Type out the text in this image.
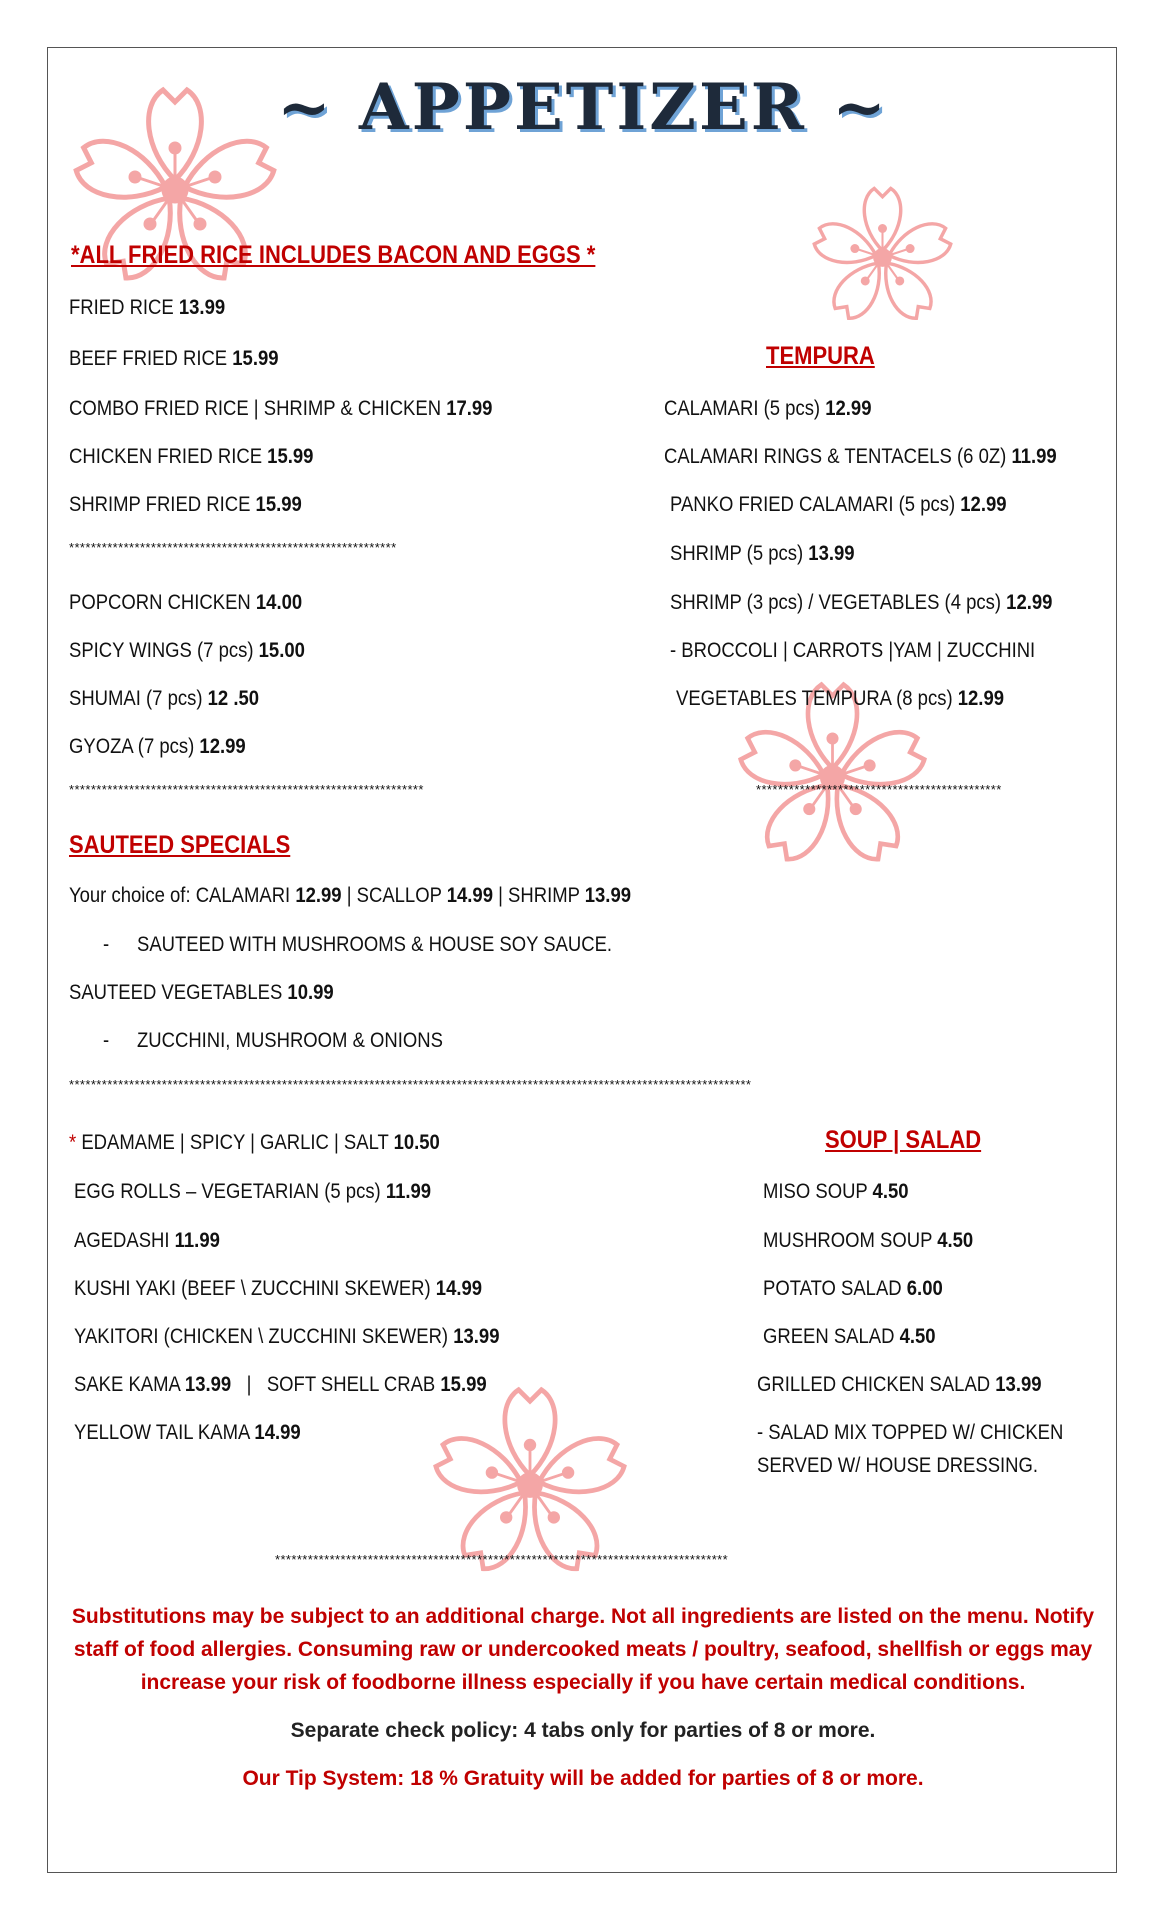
~ APPETIZER ~
*ALL FRIED RICE INCLUDES BACON AND EGGS *
FRIED RICE 13.99
BEEF FRIED RICE 15.99
COMBO FRIED RICE | SHRIMP & CHICKEN 17.99
CHICKEN FRIED RICE 15.99
SHRIMP FRIED RICE 15.99
************************************************************
POPCORN CHICKEN 14.00
SPICY WINGS (7 pcs) 15.00
SHUMAI (7 pcs) 12 .50
GYOZA (7 pcs) 12.99
*****************************************************************
TEMPURA
CALAMARI (5 pcs) 12.99
CALAMARI RINGS & TENTACELS (6 0Z) 11.99
PANKO FRIED CALAMARI (5 pcs) 12.99
SHRIMP (5 pcs) 13.99
SHRIMP (3 pcs) / VEGETABLES (4 pcs) 12.99
- BROCCOLI | CARROTS |YAM | ZUCCHINI
VEGETABLES TEMPURA (8 pcs) 12.99
*********************************************
SAUTEED SPECIALS
Your choice of: CALAMARI 12.99 | SCALLOP 14.99 | SHRIMP 13.99
- SAUTEED WITH MUSHROOMS & HOUSE SOY SAUCE.
SAUTEED VEGETABLES 10.99
- ZUCCHINI, MUSHROOM & ONIONS
*****************************************************************************************************************************
* EDAMAME | SPICY | GARLIC | SALT 10.50
EGG ROLLS – VEGETARIAN (5 pcs) 11.99
AGEDASHI 11.99
KUSHI YAKI (BEEF \ ZUCCHINI SKEWER) 14.99
YAKITORI (CHICKEN \ ZUCCHINI SKEWER) 13.99
SAKE KAMA 13.99 | SOFT SHELL CRAB 15.99
YELLOW TAIL KAMA 14.99
SOUP | SALAD
MISO SOUP 4.50
MUSHROOM SOUP 4.50
POTATO SALAD 6.00
GREEN SALAD 4.50
GRILLED CHICKEN SALAD 13.99
- SALAD MIX TOPPED W/ CHICKEN
SERVED W/ HOUSE DRESSING.
***********************************************************************************
Substitutions may be subject to an additional charge. Not all ingredients are listed on the menu. Notify
staff of food allergies. Consuming raw or undercooked meats / poultry, seafood, shellfish or eggs may
increase your risk of foodborne illness especially if you have certain medical conditions.
Separate check policy: 4 tabs only for parties of 8 or more.
Our Tip System: 18 % Gratuity will be added for parties of 8 or more.
